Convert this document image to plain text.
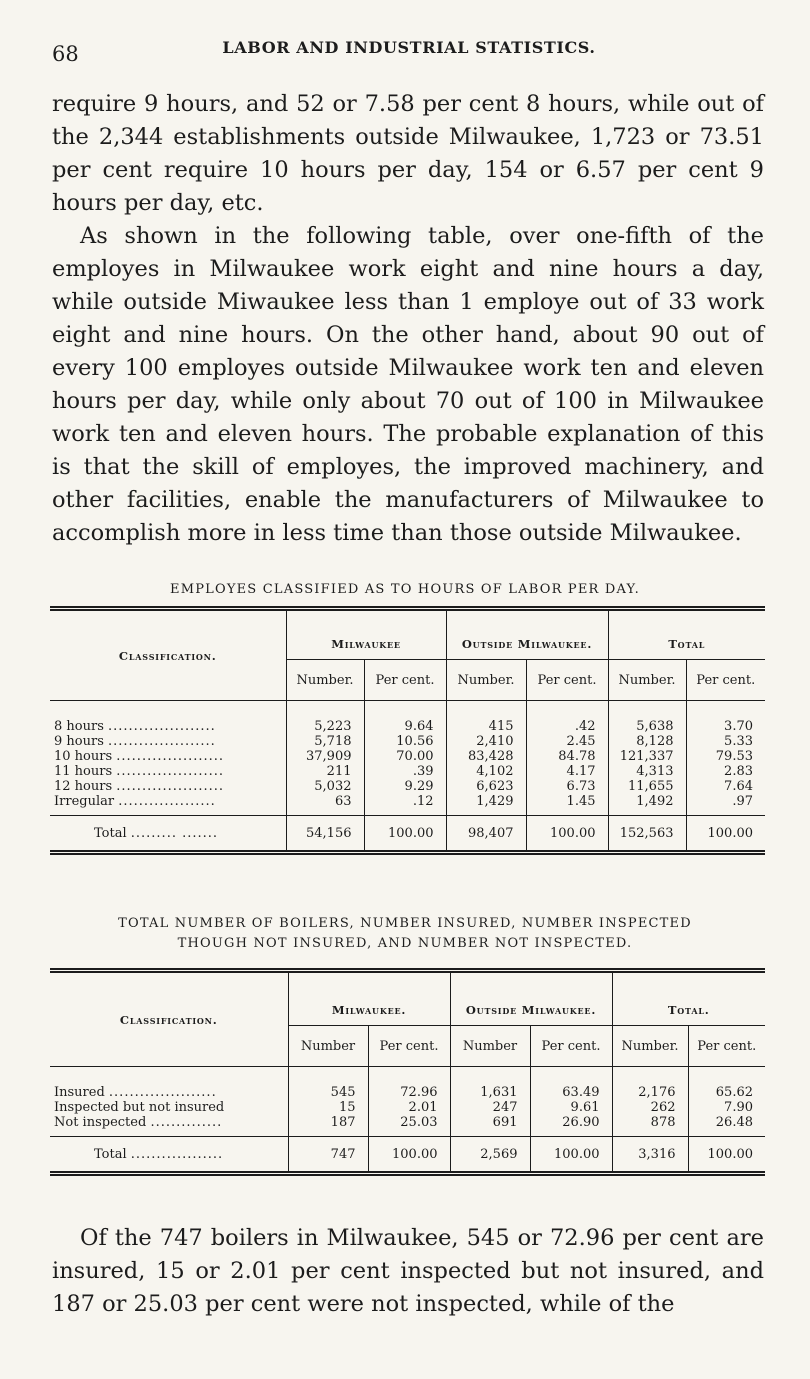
68	LABOR AND INDUSTRIAL STATISTICS.

require 9 hours, and 52 or 7.58 per cent 8 hours, while out of the 2,344 establishments outside Milwaukee, 1,723 or 73.51 per cent require 10 hours per day, 154 or 6.57 per cent 9 hours per day, etc.

As shown in the following table, over one-fifth of the employes in Milwaukee work eight and nine hours a day, while outside Miwaukee less than 1 employe out of 33 work eight and nine hours. On the other hand, about 90 out of every 100 employes outside Milwaukee work ten and eleven hours per day, while only about 70 out of 100 in Milwaukee work ten and eleven hours. The probable explanation of this is that the skill of employes, the improved machinery, and other facilities, enable the manufacturers of Milwaukee to accomplish more in less time than those outside Milwaukee.

EMPLOYES CLASSIFIED AS TO HOURS OF LABOR PER DAY.
Classification.	Milwaukee		Outside Milwaukee.		Total	
	Number.	Per cent.	Number.	Per cent.	Number.	Per cent.
8 hours .....................	5,223	9.64	415	.42	5,638	3.70
9 hours .....................	5,718	10.56	2,410	2.45	8,128	5.33
10 hours .....................	37,909	70.00	83,428	84.78	121,337	79.53
11 hours .....................	211	.39	4,102	4.17	4,313	2.83
12 hours .....................	5,032	9.29	6,623	6.73	11,655	7.64
Irregular ...................	63	.12	1,429	1.45	1,492	.97
Total ......... .......	54,156	100.00	98,407	100.00	152,563	100.00
TOTAL NUMBER OF BOILERS, NUMBER INSURED, NUMBER INSPECTED
THOUGH NOT INSURED, AND NUMBER NOT INSPECTED.
Classification.	Milwaukee.		Outside Milwaukee.		Total.	
	Number	Per cent.	Number	Per cent.	Number.	Per cent.
Insured .....................	545	72.96	1,631	63.49	2,176	65.62
Inspected but not insured	15	2.01	247	9.61	262	7.90
Not inspected ..............	187	25.03	691	26.90	878	26.48
Total ..................	747	100.00	2,569	100.00	3,316	100.00

Of the 747 boilers in Milwaukee, 545 or 72.96 per cent are insured, 15 or 2.01 per cent inspected but not insured, and 187 or 25.03 per cent were not inspected, while of the
